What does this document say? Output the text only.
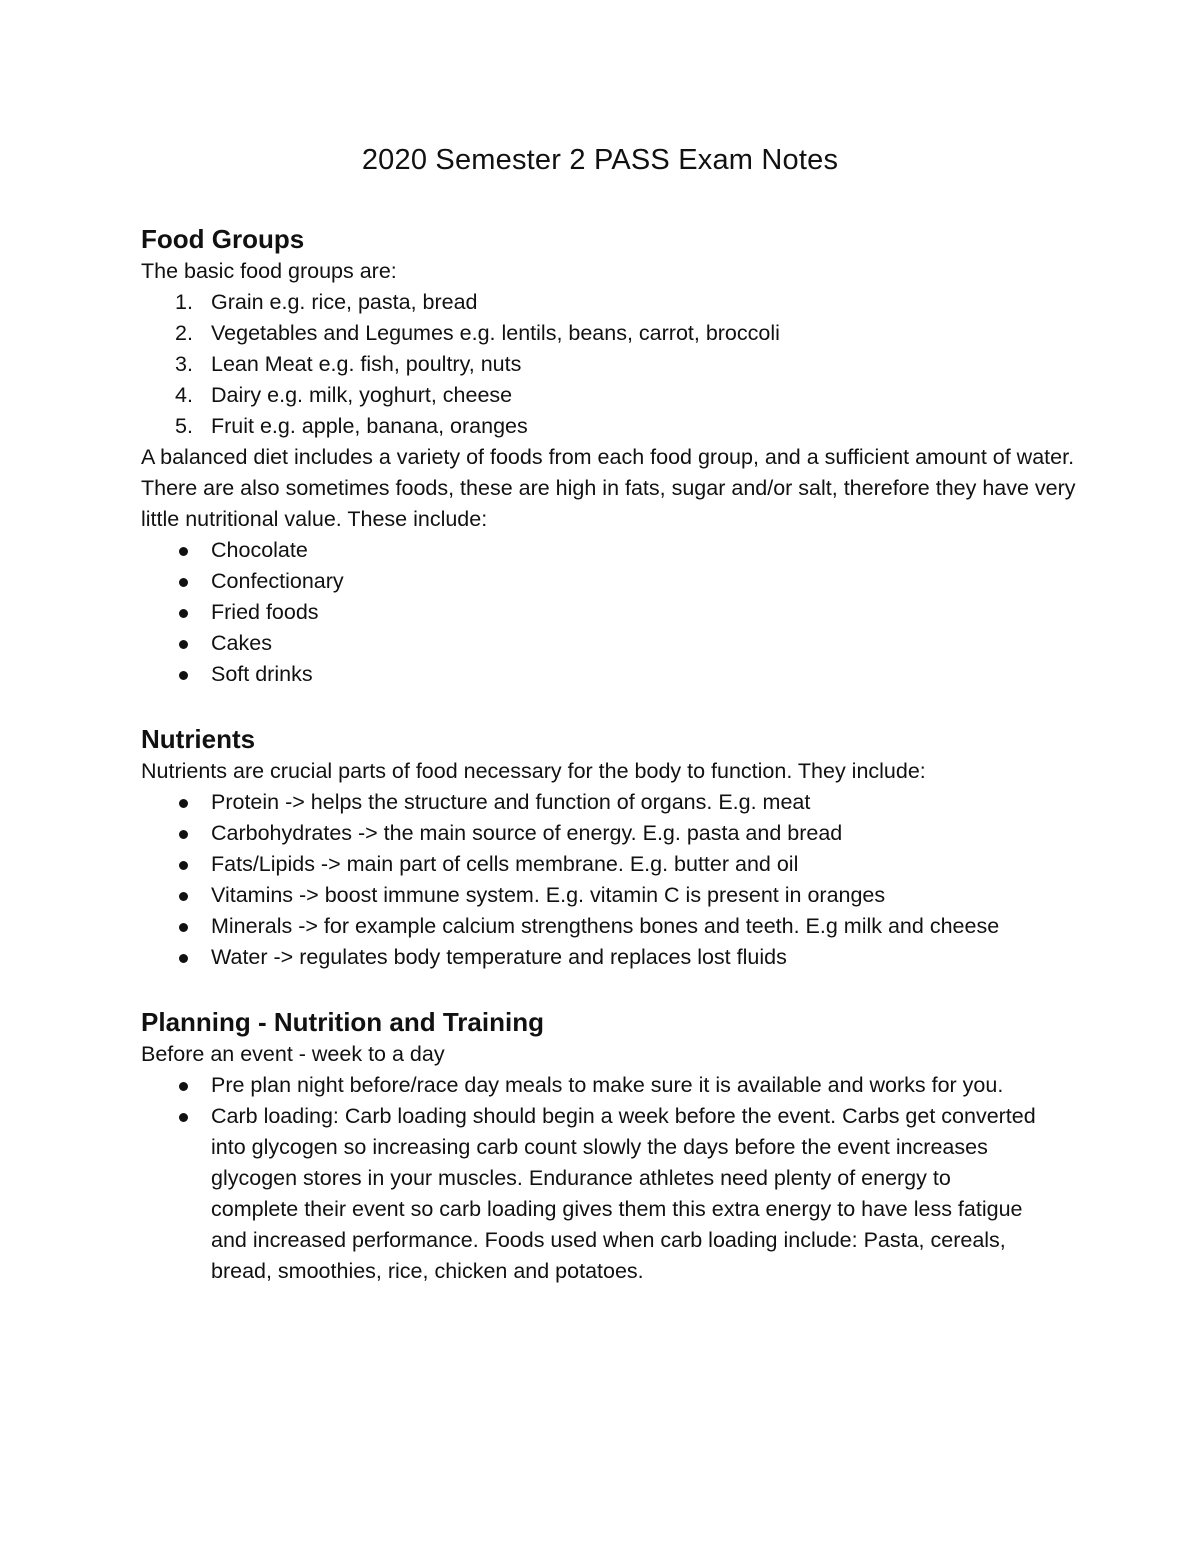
2020 Semester 2 PASS Exam Notes
Food Groups

The basic food groups are:

1. Grain e.g. rice, pasta, bread
2. Vegetables and Legumes e.g. lentils, beans, carrot, broccoli
3. Lean Meat e.g. fish, poultry, nuts
4. Dairy e.g. milk, yoghurt, cheese
5. Fruit e.g. apple, banana, oranges

A balanced diet includes a variety of foods from each food group, and a sufficient amount of water.

There are also sometimes foods, these are high in fats, sugar and/or salt, therefore they have very little nutritional value. These include:

Chocolate
Confectionary
Fried foods
Cakes
Soft drinks
Nutrients

Nutrients are crucial parts of food necessary for the body to function. They include:

Protein -> helps the structure and function of organs. E.g. meat
Carbohydrates -> the main source of energy. E.g. pasta and bread
Fats/Lipids -> main part of cells membrane. E.g. butter and oil
Vitamins -> boost immune system. E.g. vitamin C is present in oranges
Minerals -> for example calcium strengthens bones and teeth. E.g milk and cheese
Water -> regulates body temperature and replaces lost fluids
Planning - Nutrition and Training

Before an event - week to a day

Pre plan night before/race day meals to make sure it is available and works for you.
Carb loading: Carb loading should begin a week before the event. Carbs get converted into glycogen so increasing carb count slowly the days before the event increases glycogen stores in your muscles. Endurance athletes need plenty of energy to complete their event so carb loading gives them this extra energy to have less fatigue and increased performance. Foods used when carb loading include: Pasta, cereals, bread, smoothies, rice, chicken and potatoes.
